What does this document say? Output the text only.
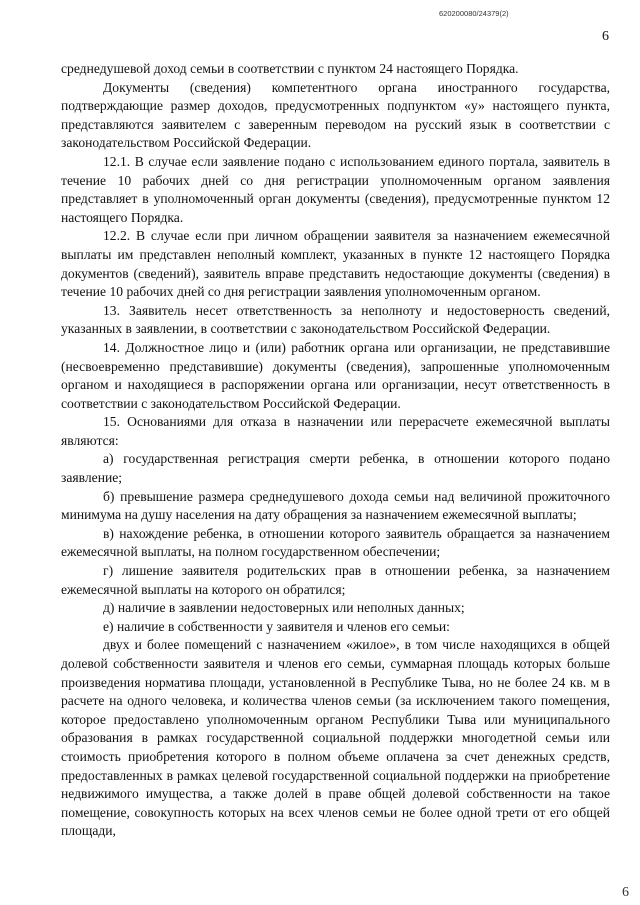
620200080/24379(2)
6

среднедушевой доход семьи в соответствии с пунктом 24 настоящего Порядка.

Документы (сведения) компетентного органа иностранного государства, подтверждающие размер доходов, предусмотренных подпунктом «у» настоящего пункта, представляются заявителем с заверенным переводом на русский язык в соответствии с законодательством Российской Федерации.

12.1. В случае если заявление подано с использованием единого портала, заявитель в течение 10 рабочих дней со дня регистрации уполномоченным органом заявления представляет в уполномоченный орган документы (сведения), предусмотренные пунктом 12 настоящего Порядка.

12.2. В случае если при личном обращении заявителя за назначением ежемесячной выплаты им представлен неполный комплект, указанных в пункте 12 настоящего Порядка документов (сведений), заявитель вправе представить недостающие документы (сведения) в течение 10 рабочих дней со дня регистрации заявления уполномоченным органом.

13. Заявитель несет ответственность за неполноту и недостоверность сведений, указанных в заявлении, в соответствии с законодательством Российской Федерации.

14. Должностное лицо и (или) работник органа или организации, не представившие (несвоевременно представившие) документы (сведения), запрошенные уполномоченным органом и находящиеся в распоряжении органа или организации, несут ответственность в соответствии с законодательством Российской Федерации.

15. Основаниями для отказа в назначении или перерасчете ежемесячной выплаты являются:

а) государственная регистрация смерти ребенка, в отношении которого подано заявление;

б) превышение размера среднедушевого дохода семьи над величиной прожиточного минимума на душу населения на дату обращения за назначением ежемесячной выплаты;

в) нахождение ребенка, в отношении которого заявитель обращается за назначением ежемесячной выплаты, на полном государственном обеспечении;

г) лишение заявителя родительских прав в отношении ребенка, за назначением ежемесячной выплаты на которого он обратился;

д) наличие в заявлении недостоверных или неполных данных;

е) наличие в собственности у заявителя и членов его семьи:

двух и более помещений с назначением «жилое», в том числе находящихся в общей долевой собственности заявителя и членов его семьи, суммарная площадь которых больше произведения норматива площади, установленной в Республике Тыва, но не более 24 кв. м в расчете на одного человека, и количества членов семьи (за исключением такого помещения, которое предоставлено уполномоченным органом Республики Тыва или муниципального образования в рамках государственной социальной поддержки многодетной семьи или стоимость приобретения которого в полном объеме оплачена за счет денежных средств, предоставленных в рамках целевой государственной социальной поддержки на приобретение недвижимого имущества, а также долей в праве общей долевой собственности на такое помещение, совокупность которых на всех членов семьи не более одной трети от его общей площади,

6
